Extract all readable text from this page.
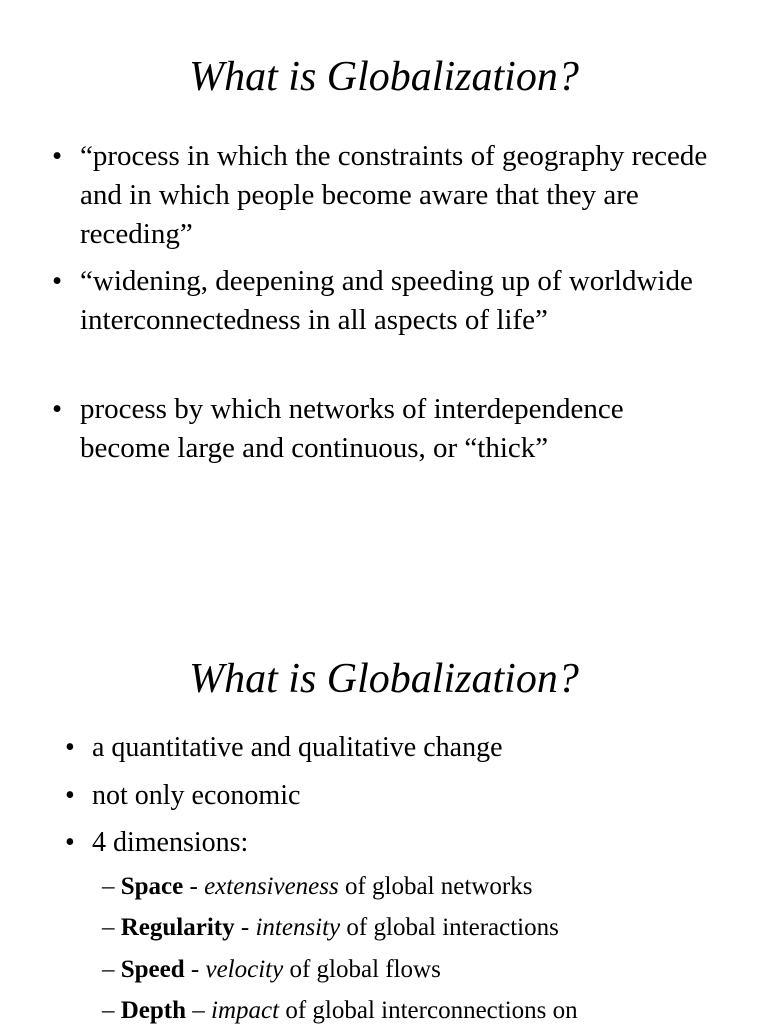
What is Globalization?
• “process in which the constraints of geography recede and in which people become aware that they are receding”
• “widening, deepening and speeding up of worldwide interconnectedness in all aspects of life”
• process by which networks of interdependence become large and continuous, or “thick”
What is Globalization?
• a quantitative and qualitative change
• not only economic
• 4 dimensions:
– Space - extensiveness of global networks
– Regularity - intensity of global interactions
– Speed - velocity of global flows
– Depth – impact of global interconnections on
